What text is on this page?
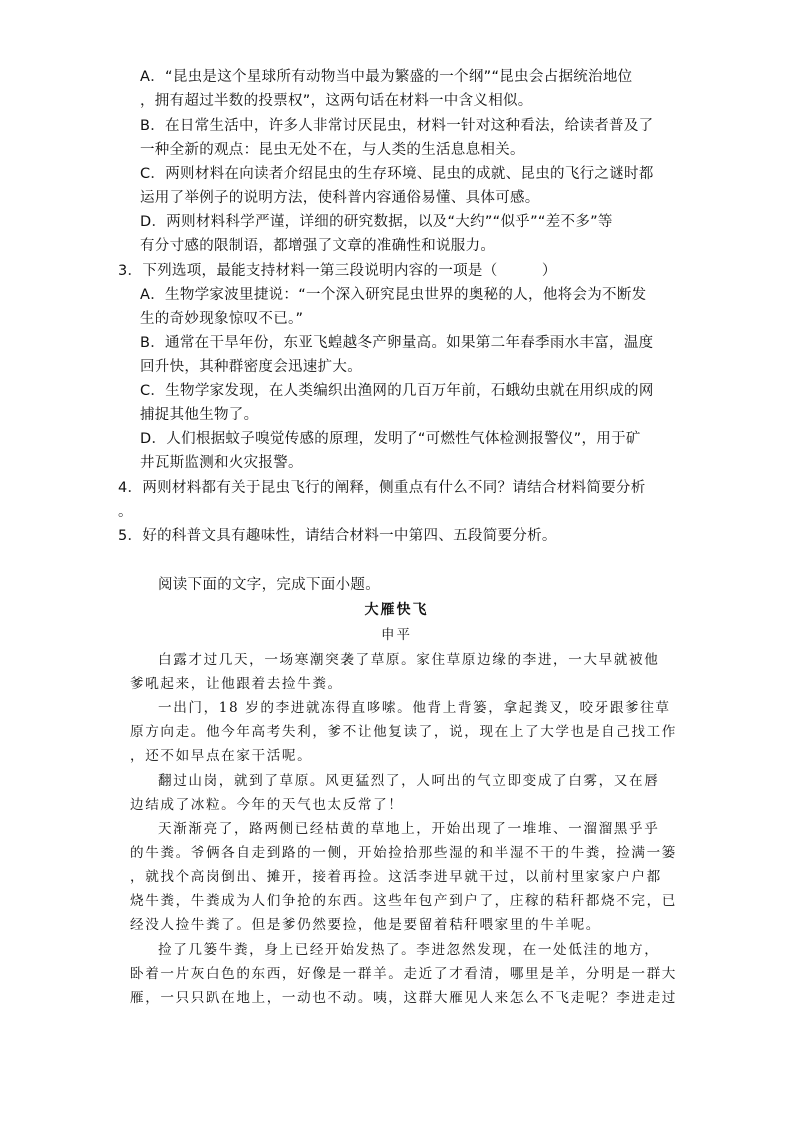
A．“昆虫是这个星球所有动物当中最为繁盛的一个纲”“昆虫会占据统治地位
，拥有超过半数的投票权”，这两句话在材料一中含义相似。
B．在日常生活中，许多人非常讨厌昆虫，材料一针对这种看法，给读者普及了
一种全新的观点：昆虫无处不在，与人类的生活息息相关。
C．两则材料在向读者介绍昆虫的生存环境、昆虫的成就、昆虫的飞行之谜时都
运用了举例子的说明方法，使科普内容通俗易懂、具体可感。
D．两则材料科学严谨，详细的研究数据，以及“大约”“似乎”“差不多”等
有分寸感的限制语，都增强了文章的准确性和说服力。
3．下列选项，最能支持材料一第三段说明内容的一项是（　　　）
A．生物学家波里捷说：“一个深入研究昆虫世界的奥秘的人，他将会为不断发
生的奇妙现象惊叹不已。”
B．通常在干旱年份，东亚飞蝗越冬产卵量高。如果第二年春季雨水丰富，温度
回升快，其种群密度会迅速扩大。
C．生物学家发现，在人类编织出渔网的几百万年前，石蛾幼虫就在用织成的网
捕捉其他生物了。
D．人们根据蚊子嗅觉传感的原理，发明了“可燃性气体检测报警仪”，用于矿
井瓦斯监测和火灾报警。
4．两则材料都有关于昆虫飞行的阐释，侧重点有什么不同？请结合材料简要分析
。
5．好的科普文具有趣味性，请结合材料一中第四、五段简要分析。
阅读下面的文字，完成下面小题。
大雁快飞
申平
白露才过几天，一场寒潮突袭了草原。家住草原边缘的李进，一大早就被他
爹吼起来，让他跟着去捡牛粪。
一出门，18 岁的李进就冻得直哆嗦。他背上背篓，拿起粪叉，咬牙跟爹往草
原方向走。他今年高考失利，爹不让他复读了，说，现在上了大学也是自己找工作
，还不如早点在家干活呢。
翻过山岗，就到了草原。风更猛烈了，人呵出的气立即变成了白雾，又在唇
边结成了冰粒。今年的天气也太反常了！
天渐渐亮了，路两侧已经枯黄的草地上，开始出现了一堆堆、一溜溜黑乎乎
的牛粪。爷俩各自走到路的一侧，开始捡拾那些湿的和半湿不干的牛粪，捡满一篓
，就找个高岗倒出、摊开，接着再捡。这活李进早就干过，以前村里家家户户都
烧牛粪，牛粪成为人们争抢的东西。这些年包产到户了，庄稼的秸秆都烧不完，已
经没人捡牛粪了。但是爹仍然要捡，他是要留着秸秆喂家里的牛羊呢。
捡了几篓牛粪，身上已经开始发热了。李进忽然发现，在一处低洼的地方，
卧着一片灰白色的东西，好像是一群羊。走近了才看清，哪里是羊，分明是一群大
雁，一只只趴在地上，一动也不动。咦，这群大雁见人来怎么不飞走呢？李进走过
